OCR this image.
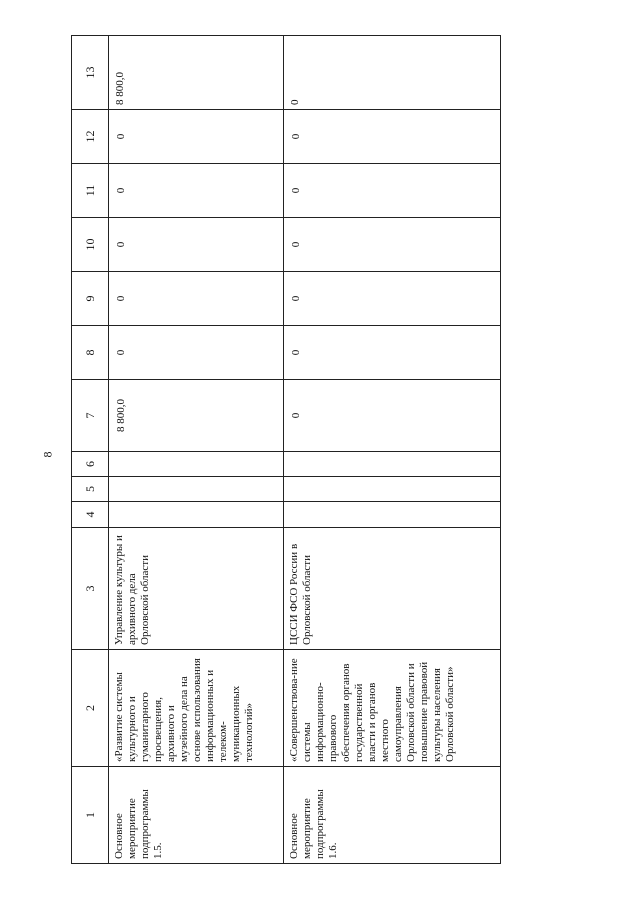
8
1	2	3	4	5	6	7	8	9	10	11	12	13

Основное мероприятие подпрограммы 1.5.	«Развитие системы культурного и гуманитарного просвещения, архивного и музейного дела на основе использования информационных и телеком-муникационных технологий»	Управление культуры и архивного дела Орловской области				8 800,0	0	0	0	0	0	8 800,0

Основное мероприятие подпрограммы 1.6.	«Совершенствова-ние системы информационно-правового обеспечения органов государственной власти и органов местного самоуправления Орловской области и повышение правовой культуры населения Орловской области»	ЦССИ ФСО России в Орловской области				0	0	0	0	0	0	0
